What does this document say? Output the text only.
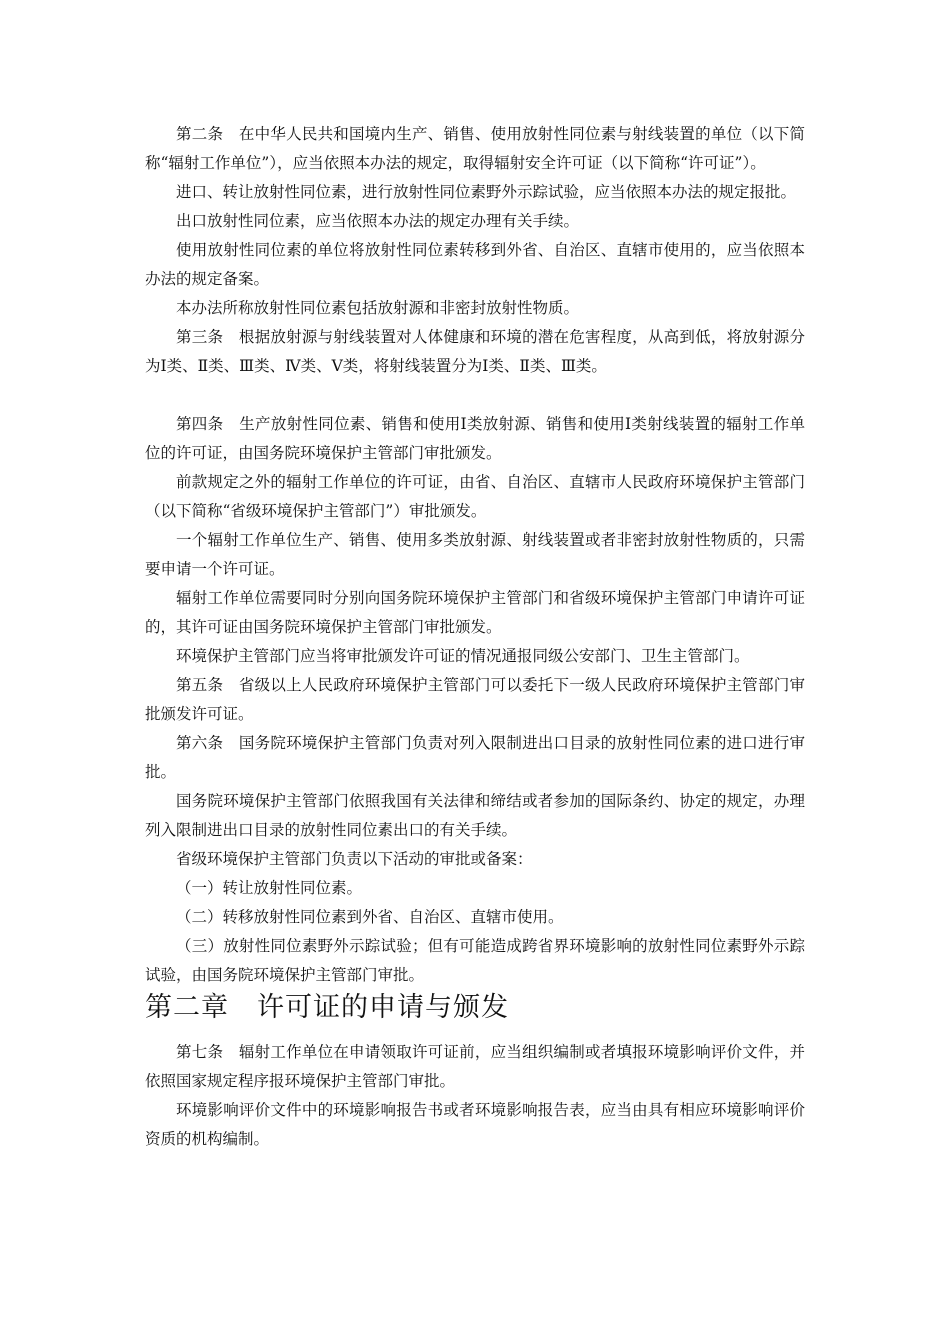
第二条　在中华人民共和国境内生产、销售、使用放射性同位素与射线装置的单位（以下简称“辐射工作单位”），应当依照本办法的规定，取得辐射安全许可证（以下简称“许可证”）。

进口、转让放射性同位素，进行放射性同位素野外示踪试验，应当依照本办法的规定报批。

出口放射性同位素，应当依照本办法的规定办理有关手续。

使用放射性同位素的单位将放射性同位素转移到外省、自治区、直辖市使用的，应当依照本办法的规定备案。

本办法所称放射性同位素包括放射源和非密封放射性物质。

第三条　根据放射源与射线装置对人体健康和环境的潜在危害程度，从高到低，将放射源分为Ⅰ类、Ⅱ类、Ⅲ类、Ⅳ类、Ⅴ类，将射线装置分为Ⅰ类、Ⅱ类、Ⅲ类。

第四条　生产放射性同位素、销售和使用Ⅰ类放射源、销售和使用Ⅰ类射线装置的辐射工作单位的许可证，由国务院环境保护主管部门审批颁发。

前款规定之外的辐射工作单位的许可证，由省、自治区、直辖市人民政府环境保护主管部门（以下简称“省级环境保护主管部门”）审批颁发。

一个辐射工作单位生产、销售、使用多类放射源、射线装置或者非密封放射性物质的，只需要申请一个许可证。

辐射工作单位需要同时分别向国务院环境保护主管部门和省级环境保护主管部门申请许可证的，其许可证由国务院环境保护主管部门审批颁发。

环境保护主管部门应当将审批颁发许可证的情况通报同级公安部门、卫生主管部门。

第五条　省级以上人民政府环境保护主管部门可以委托下一级人民政府环境保护主管部门审批颁发许可证。

第六条　国务院环境保护主管部门负责对列入限制进出口目录的放射性同位素的进口进行审批。

国务院环境保护主管部门依照我国有关法律和缔结或者参加的国际条约、协定的规定，办理列入限制进出口目录的放射性同位素出口的有关手续。

省级环境保护主管部门负责以下活动的审批或备案：

（一）转让放射性同位素。

（二）转移放射性同位素到外省、自治区、直辖市使用。

（三）放射性同位素野外示踪试验；但有可能造成跨省界环境影响的放射性同位素野外示踪试验，由国务院环境保护主管部门审批。

第二章 许可证的申请与颁发

第七条　辐射工作单位在申请领取许可证前，应当组织编制或者填报环境影响评价文件，并依照国家规定程序报环境保护主管部门审批。

环境影响评价文件中的环境影响报告书或者环境影响报告表，应当由具有相应环境影响评价资质的机构编制。
